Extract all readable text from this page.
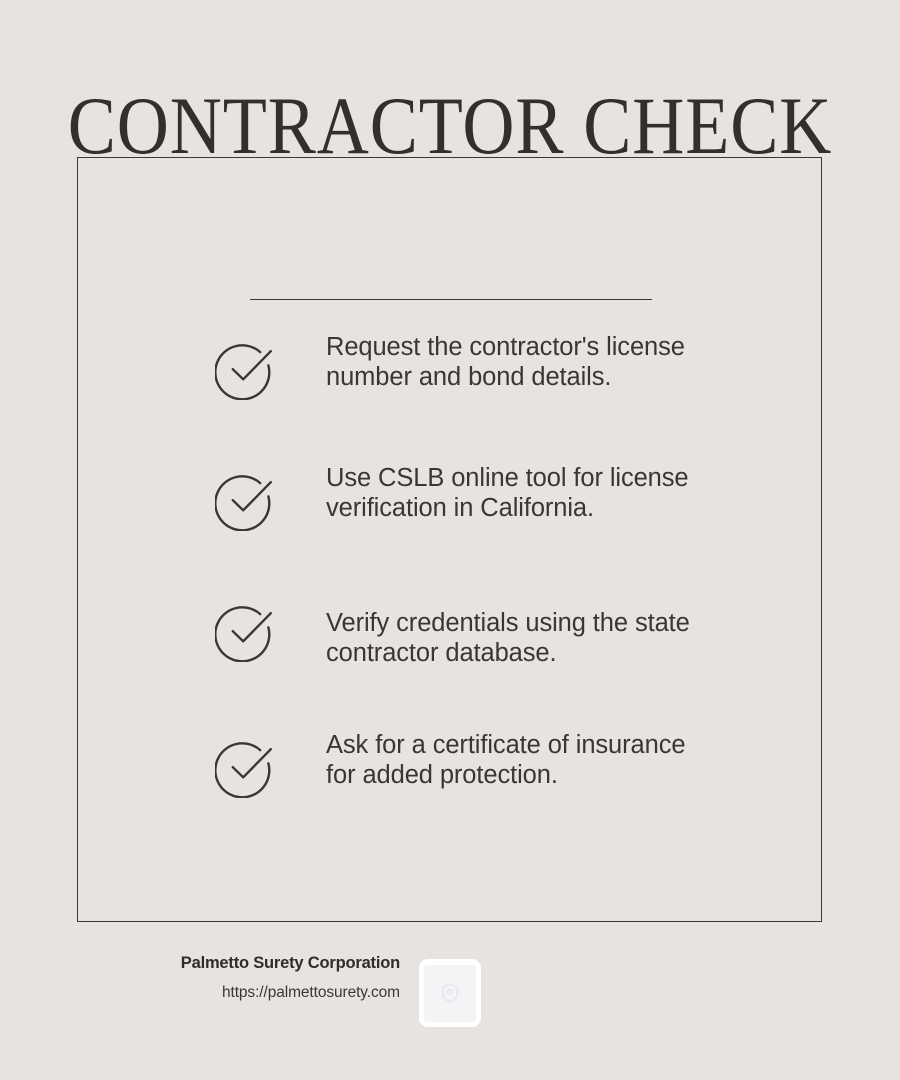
CONTRACTOR CHECK
Request the contractor's license number and bond details.
Use CSLB online tool for license verification in California.
Verify credentials using the state contractor database.
Ask for a certificate of insurance for added protection.
Palmetto Surety Corporation
https://palmettosurety.com
